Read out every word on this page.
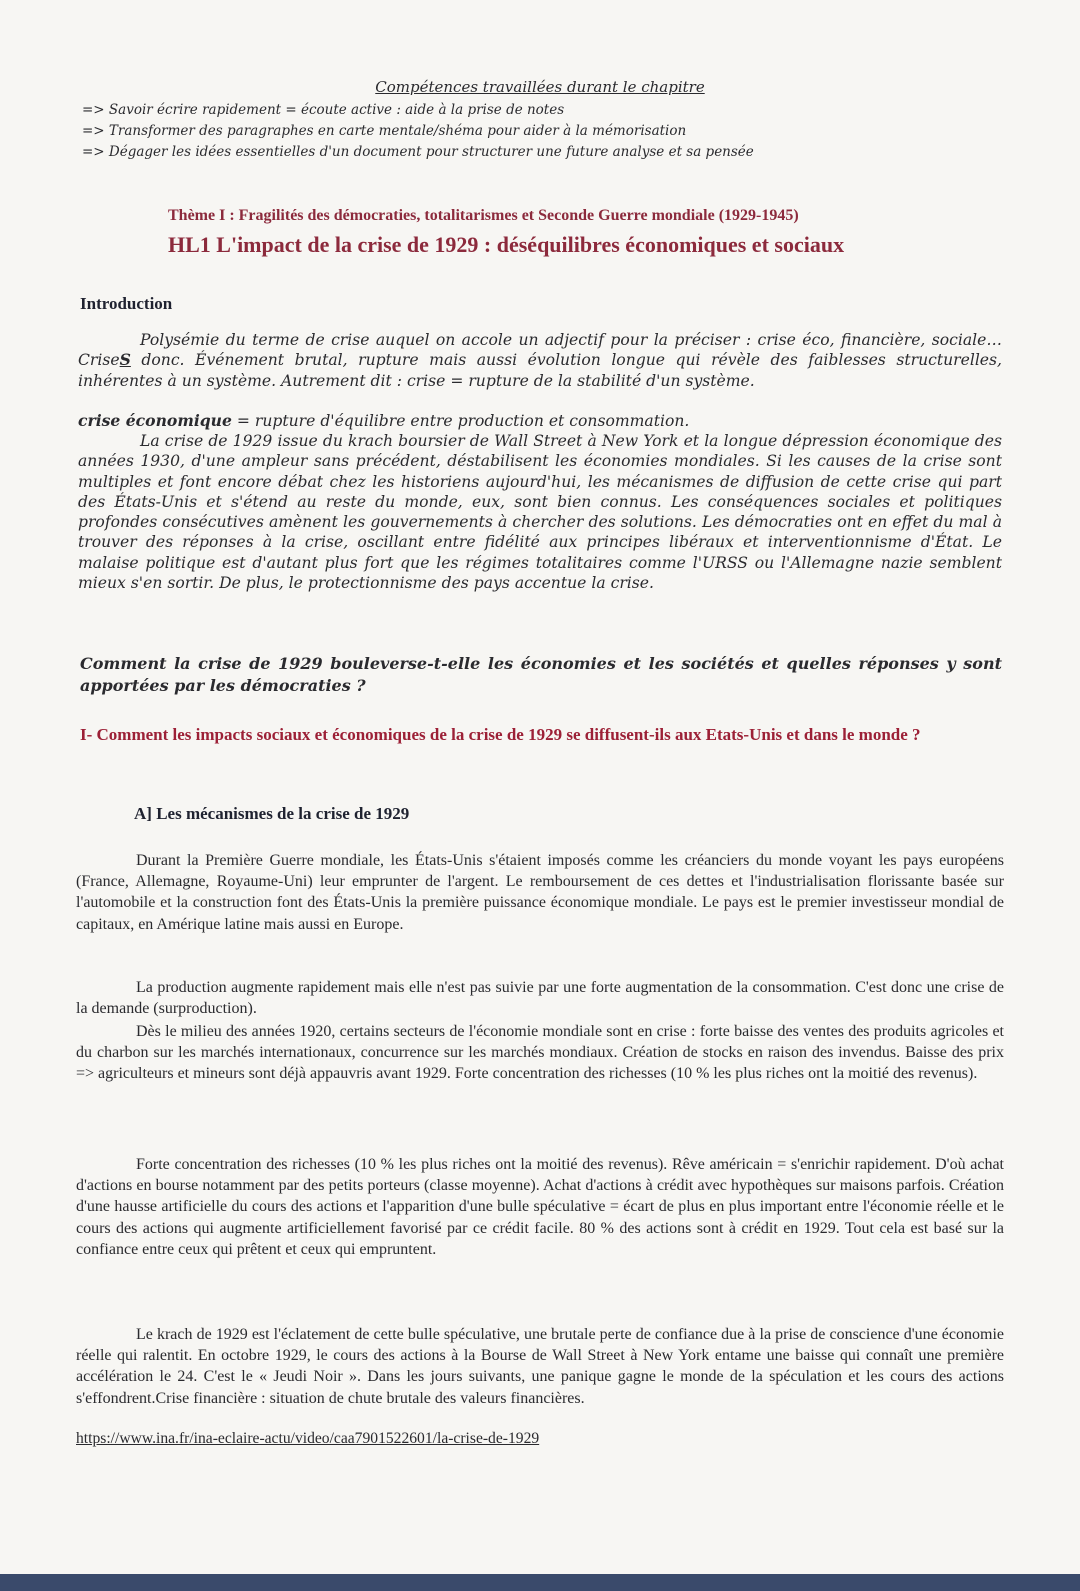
Compétences travaillées durant le chapitre

=> Savoir écrire rapidement = écoute active : aide à la prise de notes

=> Transformer des paragraphes en carte mentale/shéma pour aider à la mémorisation

=> Dégager les idées essentielles d'un document pour structurer une future analyse et sa pensée

Thème I : Fragilités des démocraties, totalitarismes et Seconde Guerre mondiale (1929-1945)

HL1 L'impact de la crise de 1929 : déséquilibres économiques et sociaux

Introduction

Polysémie du terme de crise auquel on accole un adjectif pour la préciser : crise éco, financière, sociale… CriseS donc. Événement brutal, rupture mais aussi évolution longue qui révèle des faiblesses structurelles, inhérentes à un système. Autrement dit : crise = rupture de la stabilité d'un système.
crise économique = rupture d'équilibre entre production et consommation.
La crise de 1929 issue du krach boursier de Wall Street à New York et la longue dépression économique des années 1930, d'une ampleur sans précédent, déstabilisent les économies mondiales. Si les causes de la crise sont multiples et font encore débat chez les historiens aujourd'hui, les mécanismes de diffusion de cette crise qui part des États-Unis et s'étend au reste du monde, eux, sont bien connus. Les conséquences sociales et politiques profondes consécutives amènent les gouvernements à chercher des solutions. Les démocraties ont en effet du mal à trouver des réponses à la crise, oscillant entre fidélité aux principes libéraux et interventionnisme d'État. Le malaise politique est d'autant plus fort que les régimes totalitaires comme l'URSS ou l'Allemagne nazie semblent mieux s'en sortir. De plus, le protectionnisme des pays accentue la crise.

Comment la crise de 1929 bouleverse-t-elle les économies et les sociétés et quelles réponses y sont apportées par les démocraties ?

I- Comment les impacts sociaux et économiques de la crise de 1929 se diffusent-ils aux Etats-Unis et dans le monde ?

A] Les mécanismes de la crise de 1929

Durant la Première Guerre mondiale, les États-Unis s'étaient imposés comme les créanciers du monde voyant les pays européens (France, Allemagne, Royaume-Uni) leur emprunter de l'argent. Le remboursement de ces dettes et l'industrialisation florissante basée sur l'automobile et la construction font des États-Unis la première puissance économique mondiale. Le pays est le premier investisseur mondial de capitaux, en Amérique latine mais aussi en Europe.
La production augmente rapidement mais elle n'est pas suivie par une forte augmentation de la consommation. C'est donc une crise de la demande (surproduction).
Dès le milieu des années 1920, certains secteurs de l'économie mondiale sont en crise : forte baisse des ventes des produits agricoles et du charbon sur les marchés internationaux, concurrence sur les marchés mondiaux. Création de stocks en raison des invendus. Baisse des prix => agriculteurs et mineurs sont déjà appauvris avant 1929. Forte concentration des richesses (10 % les plus riches ont la moitié des revenus).
Forte concentration des richesses (10 % les plus riches ont la moitié des revenus). Rêve américain = s'enrichir rapidement. D'où achat d'actions en bourse notamment par des petits porteurs (classe moyenne). Achat d'actions à crédit avec hypothèques sur maisons parfois. Création d'une hausse artificielle du cours des actions et l'apparition d'une bulle spéculative = écart de plus en plus important entre l'économie réelle et le cours des actions qui augmente artificiellement favorisé par ce crédit facile. 80 % des actions sont à crédit en 1929. Tout cela est basé sur la confiance entre ceux qui prêtent et ceux qui empruntent.
Le krach de 1929 est l'éclatement de cette bulle spéculative, une brutale perte de confiance due à la prise de conscience d'une économie réelle qui ralentit. En octobre 1929, le cours des actions à la Bourse de Wall Street à New York entame une baisse qui connaît une première accélération le 24. C'est le « Jeudi Noir ». Dans les jours suivants, une panique gagne le monde de la spéculation et les cours des actions s'effondrent.Crise financière : situation de chute brutale des valeurs financières.
https://www.ina.fr/ina-eclaire-actu/video/caa7901522601/la-crise-de-1929
